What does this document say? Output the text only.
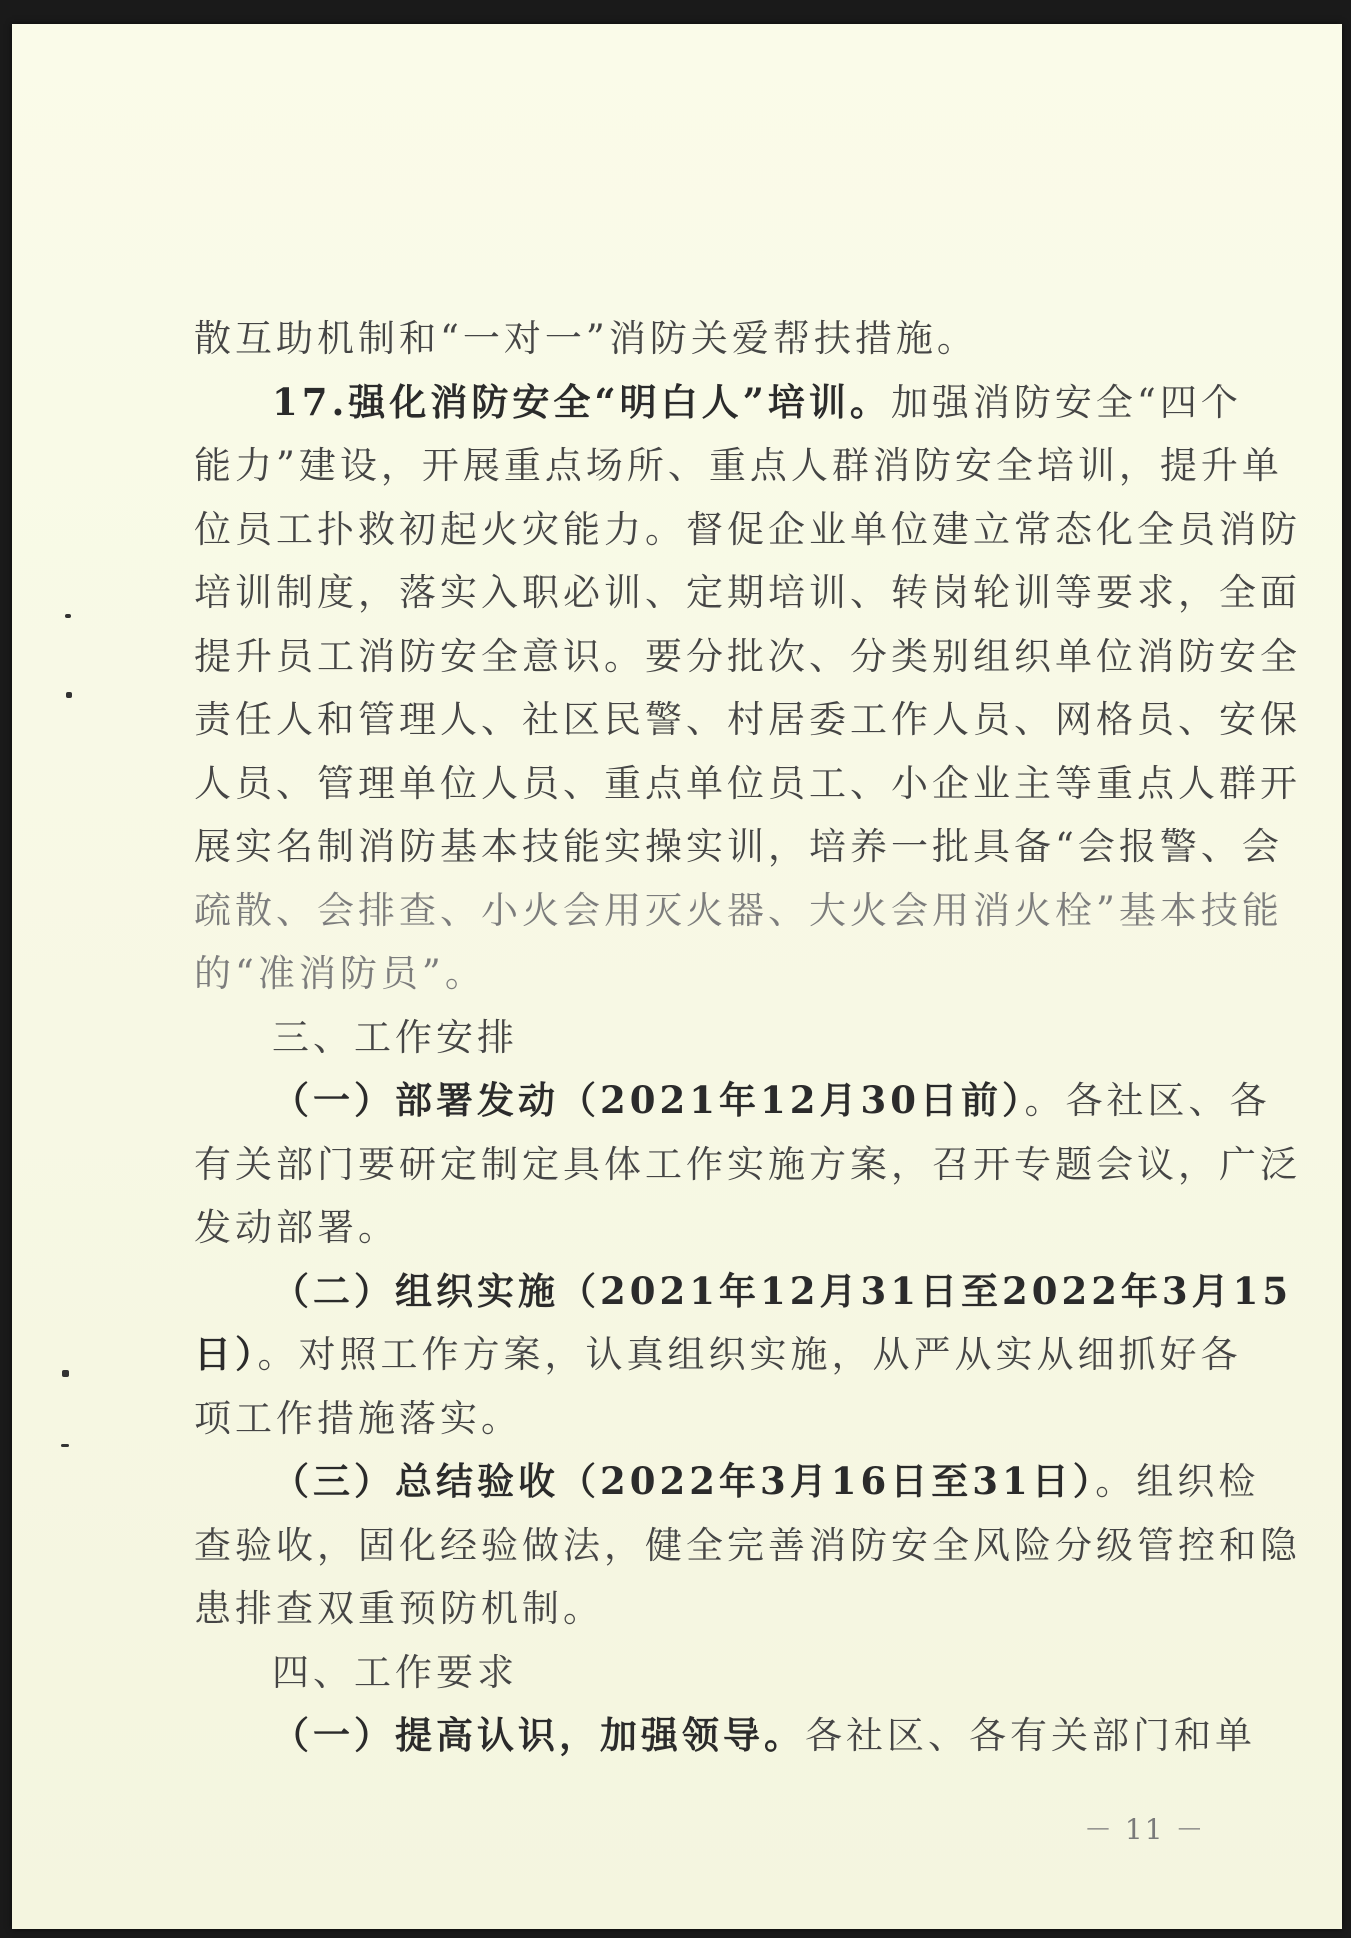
散互助机制和“一对一”消防关爱帮扶措施。
17.强化消防安全“明白人”培训。加强消防安全“四个
能力”建设，开展重点场所、重点人群消防安全培训，提升单
位员工扑救初起火灾能力。督促企业单位建立常态化全员消防
培训制度，落实入职必训、定期培训、转岗轮训等要求，全面
提升员工消防安全意识。要分批次、分类别组织单位消防安全
责任人和管理人、社区民警、村居委工作人员、网格员、安保
人员、管理单位人员、重点单位员工、小企业主等重点人群开
展实名制消防基本技能实操实训，培养一批具备“会报警、会
疏散、会排查、小火会用灭火器、大火会用消火栓”基本技能
的“准消防员”。
三、工作安排
（一）部署发动（2021年12月30日前）。各社区、各
有关部门要研定制定具体工作实施方案，召开专题会议，广泛
发动部署。
（二）组织实施（2021年12月31日至2022年3月15
日）。对照工作方案，认真组织实施，从严从实从细抓好各
项工作措施落实。
（三）总结验收（2022年3月16日至31日）。组织检
查验收，固化经验做法，健全完善消防安全风险分级管控和隐
患排查双重预防机制。
四、工作要求
（一）提高认识，加强领导。各社区、各有关部门和单
－ 11 －
